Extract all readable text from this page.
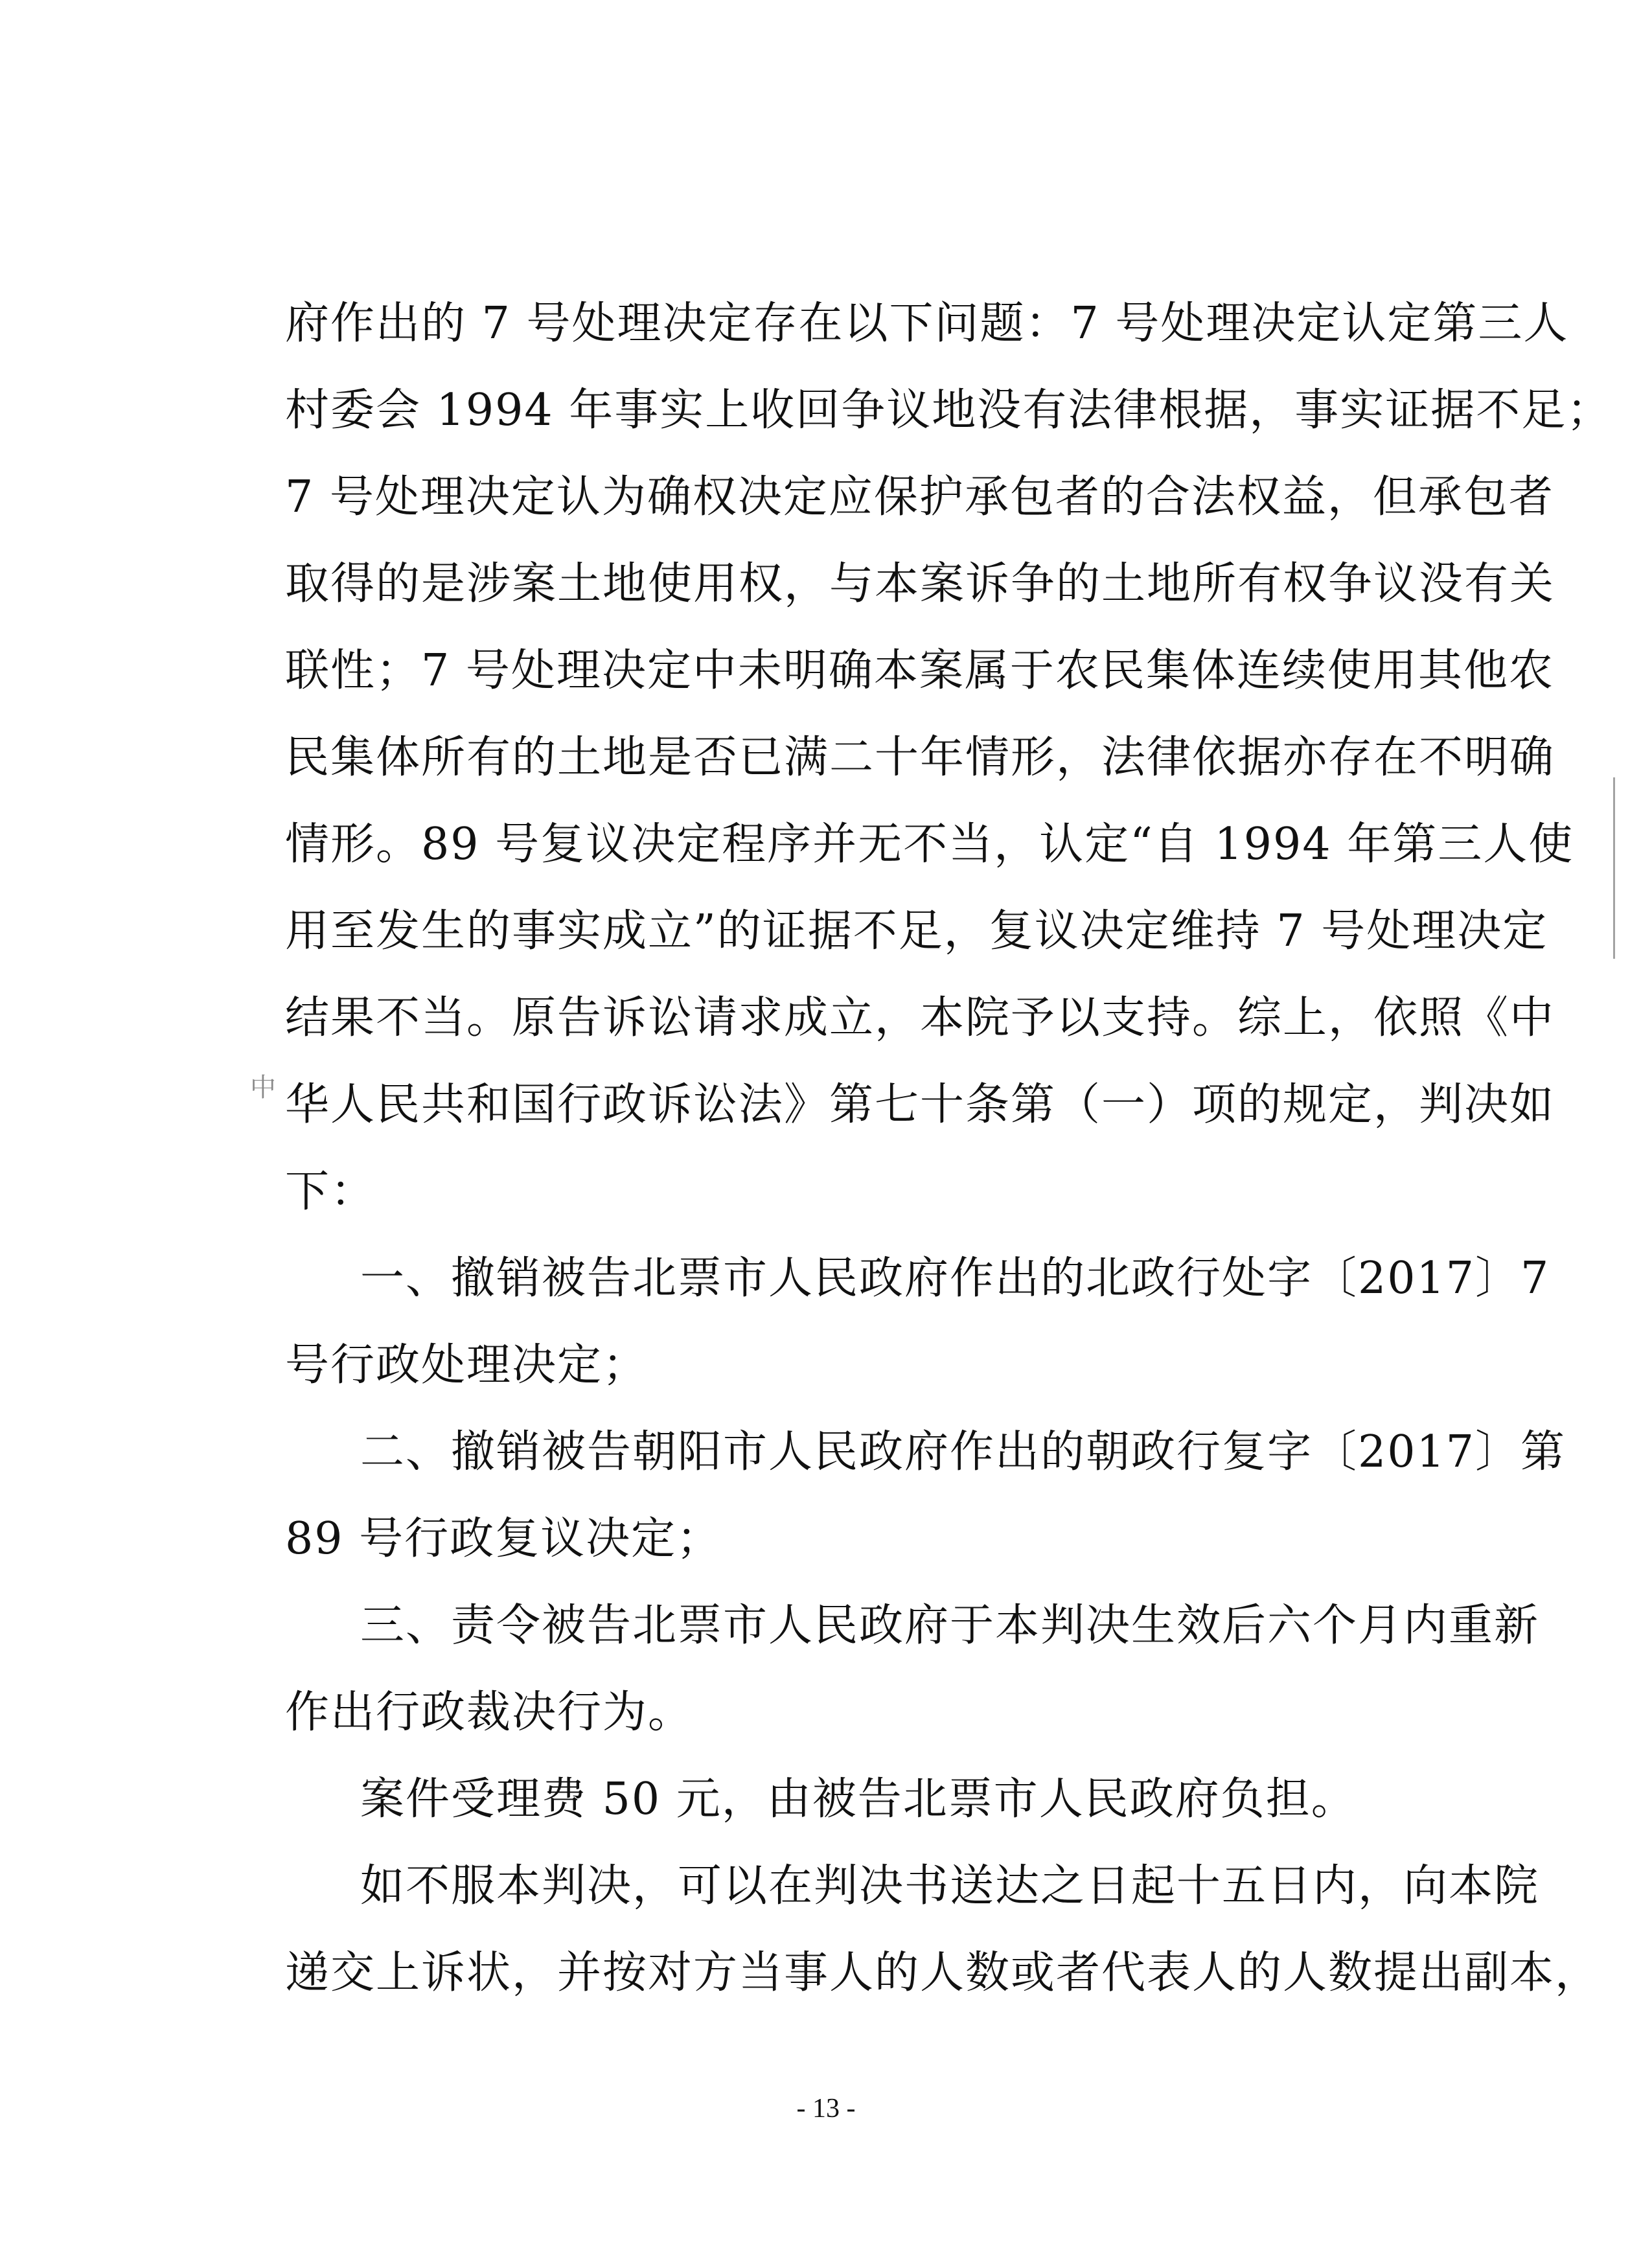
府作出的 7 号处理决定存在以下问题：7 号处理决定认定第三人
村委会 1994 年事实上收回争议地没有法律根据，事实证据不足；
7 号处理决定认为确权决定应保护承包者的合法权益，但承包者
取得的是涉案土地使用权，与本案诉争的土地所有权争议没有关
联性；7 号处理决定中未明确本案属于农民集体连续使用其他农
民集体所有的土地是否已满二十年情形，法律依据亦存在不明确
情形。89 号复议决定程序并无不当，认定“自 1994 年第三人使
用至发生的事实成立”的证据不足，复议决定维持 7 号处理决定
结果不当。原告诉讼请求成立，本院予以支持。综上，依照《中
华人民共和国行政诉讼法》第七十条第（一）项的规定，判决如
下：
一、撤销被告北票市人民政府作出的北政行处字〔2017〕7
号行政处理决定；
二、撤销被告朝阳市人民政府作出的朝政行复字〔2017〕第
89 号行政复议决定；
三、责令被告北票市人民政府于本判决生效后六个月内重新
作出行政裁决行为。
案件受理费 50 元，由被告北票市人民政府负担。
如不服本判决，可以在判决书送达之日起十五日内，向本院
递交上诉状，并按对方当事人的人数或者代表人的人数提出副本，
中
- 13 -
